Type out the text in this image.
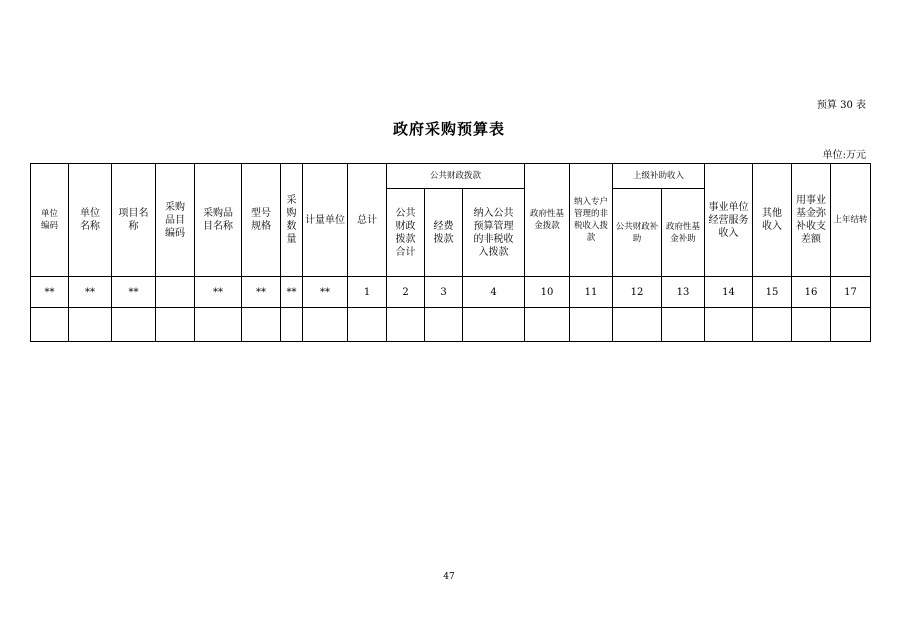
预算 30 表
政府采购预算表
单位:万元
单位编码	单位名称	项目名称	采购品目编码	采购品目名称	型号规格	采购数量	计量单位	总计	公共财政拨款			政府性基金拨款	纳入专户管理的非税收入拨款	上级补助收入		事业单位经营服务收入	其他收入	用事业基金弥补收支差额	上年结转
									公共财政拨款合计	经费拨款	纳入公共预算管理的非税收入拨款			公共财政补助	政府性基金补助				
**	**	**		**	**	**	**	1	2	3	4	10	11	12	13	14	15	16	17

47
